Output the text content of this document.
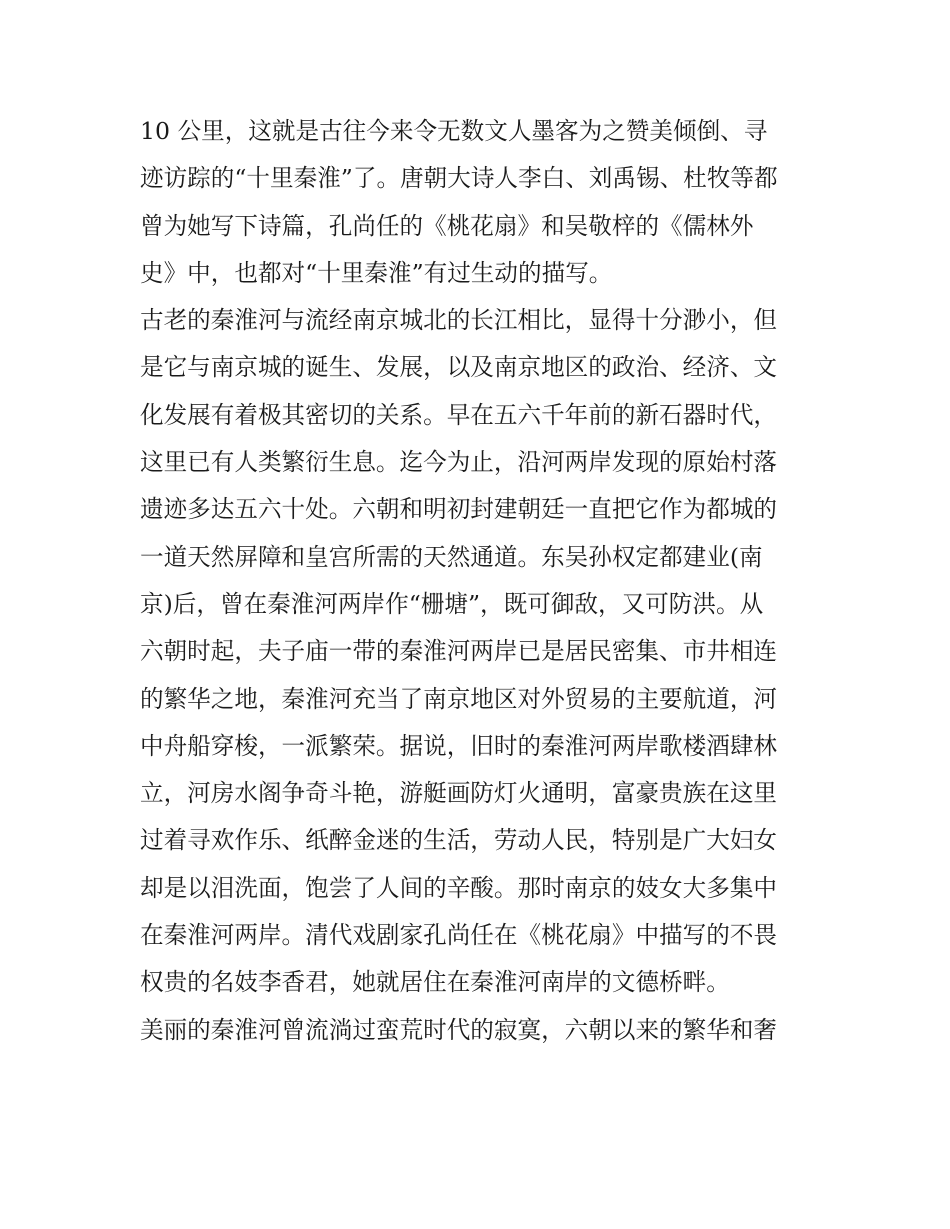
10 公里，这就是古往今来令无数文人墨客为之赞美倾倒、寻
迹访踪的“十里秦淮”了。唐朝大诗人李白、刘禹锡、杜牧等都
曾为她写下诗篇，孔尚任的《桃花扇》和吴敬梓的《儒林外
史》中，也都对“十里秦淮”有过生动的描写。
古老的秦淮河与流经南京城北的长江相比，显得十分渺小，但
是它与南京城的诞生、发展，以及南京地区的政治、经济、文
化发展有着极其密切的关系。早在五六千年前的新石器时代，
这里已有人类繁衍生息。迄今为止，沿河两岸发现的原始村落
遗迹多达五六十处。六朝和明初封建朝廷一直把它作为都城的
一道天然屏障和皇宫所需的天然通道。东吴孙权定都建业(南
京)后，曾在秦淮河两岸作“栅塘”，既可御敌，又可防洪。从
六朝时起，夫子庙一带的秦淮河两岸已是居民密集、市井相连
的繁华之地，秦淮河充当了南京地区对外贸易的主要航道，河
中舟船穿梭，一派繁荣。据说，旧时的秦淮河两岸歌楼酒肆林
立，河房水阁争奇斗艳，游艇画防灯火通明，富豪贵族在这里
过着寻欢作乐、纸醉金迷的生活，劳动人民，特别是广大妇女
却是以泪洗面，饱尝了人间的辛酸。那时南京的妓女大多集中
在秦淮河两岸。清代戏剧家孔尚任在《桃花扇》中描写的不畏
权贵的名妓李香君，她就居住在秦淮河南岸的文德桥畔。
美丽的秦淮河曾流淌过蛮荒时代的寂寞，六朝以来的繁华和奢
